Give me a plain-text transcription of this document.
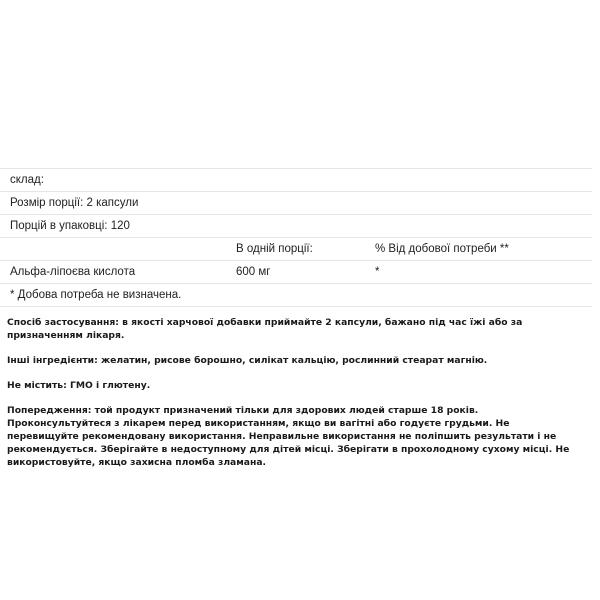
склад:		
Розмір порції: 2 капсули		
Порцій в упаковці: 120		
	В одній порції:	% Від добової потреби **
Альфа-ліпоєва кислота	600 мг	*
* Добова потреба не визначена.		

Спосіб застосування: в якості харчової добавки приймайте 2 капсули, бажано під час їжі або за призначенням лікаря.

Інші інгредієнти: желатин, рисове борошно, силікат кальцію, рослинний стеарат магнію.

Не містить: ГМО і глютену.

Попередження: той продукт призначений тільки для здорових людей старше 18 років. Проконсультуйтеся з лікарем перед використанням, якщо ви вагітні або годуєте грудьми. Не перевищуйте рекомендовану використання. Неправильне використання не поліпшить результати і не рекомендується. Зберігайте в недоступному для дітей місці. Зберігати в прохолодному сухому місці. Не використовуйте, якщо захисна пломба зламана.
